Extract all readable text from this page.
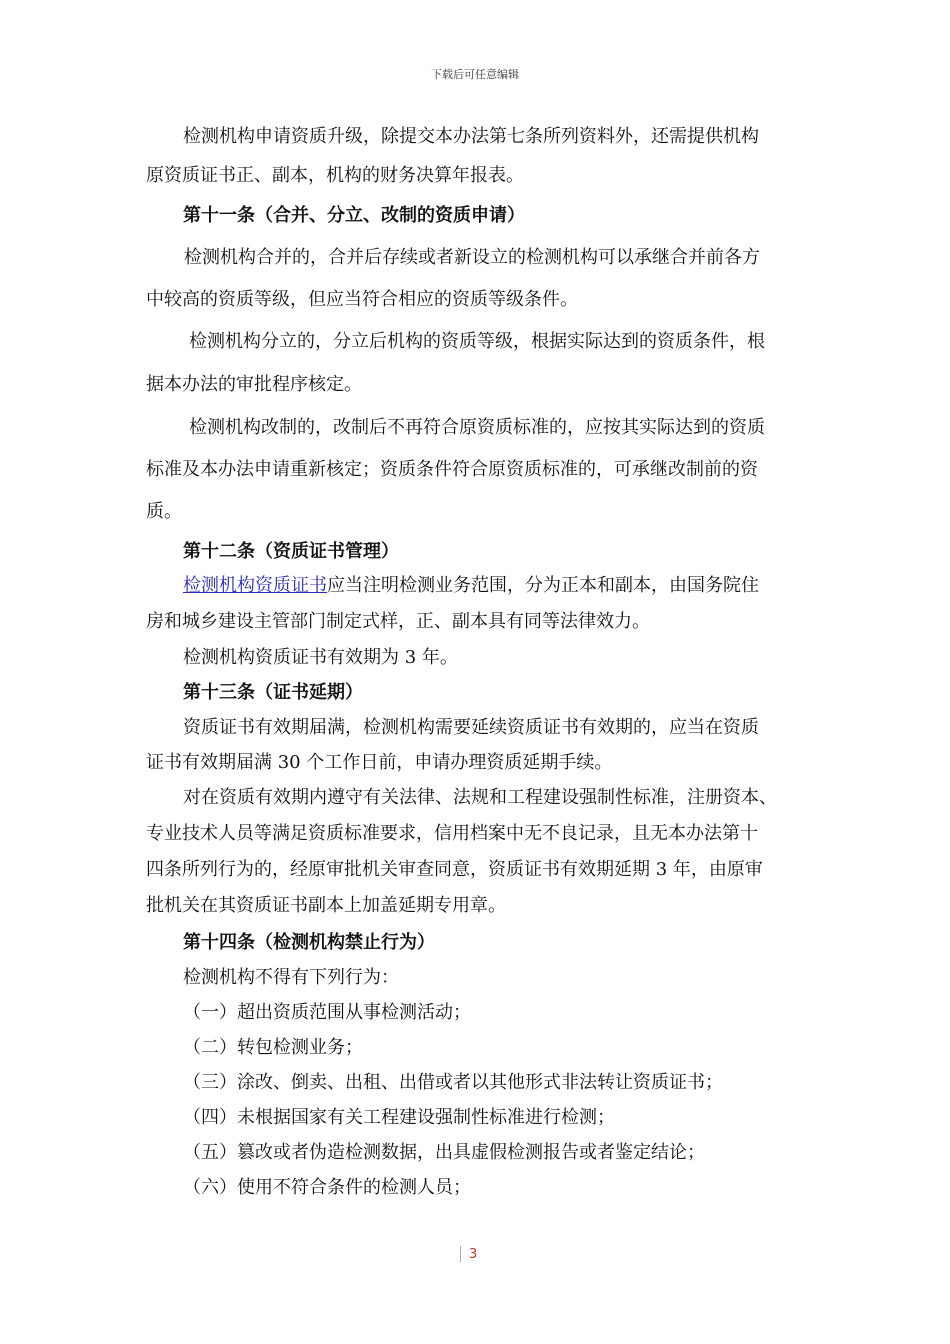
下载后可任意编辑
检测机构申请资质升级，除提交本办法第七条所列资料外，还需提供机构
原资质证书正、副本，机构的财务决算年报表。
第十一条（合并、分立、改制的资质申请）
检测机构合并的，合并后存续或者新设立的检测机构可以承继合并前各方
中较高的资质等级，但应当符合相应的资质等级条件。
检测机构分立的，分立后机构的资质等级，根据实际达到的资质条件，根
据本办法的审批程序核定。
检测机构改制的，改制后不再符合原资质标准的，应按其实际达到的资质
标准及本办法申请重新核定；资质条件符合原资质标准的，可承继改制前的资
质。
第十二条（资质证书管理）
检测机构资质证书应当注明检测业务范围，分为正本和副本，由国务院住
房和城乡建设主管部门制定式样，正、副本具有同等法律效力。
检测机构资质证书有效期为 3 年。
第十三条（证书延期）
资质证书有效期届满，检测机构需要延续资质证书有效期的，应当在资质
证书有效期届满 30 个工作日前，申请办理资质延期手续。
对在资质有效期内遵守有关法律、法规和工程建设强制性标准，注册资本、
专业技术人员等满足资质标准要求，信用档案中无不良记录，且无本办法第十
四条所列行为的，经原审批机关审查同意，资质证书有效期延期 3 年，由原审
批机关在其资质证书副本上加盖延期专用章。
第十四条（检测机构禁止行为）
检测机构不得有下列行为：
（一）超出资质范围从事检测活动；
（二）转包检测业务；
（三）涂改、倒卖、出租、出借或者以其他形式非法转让资质证书；
（四）未根据国家有关工程建设强制性标准进行检测；
（五）篡改或者伪造检测数据，出具虚假检测报告或者鉴定结论；
（六）使用不符合条件的检测人员；
3
